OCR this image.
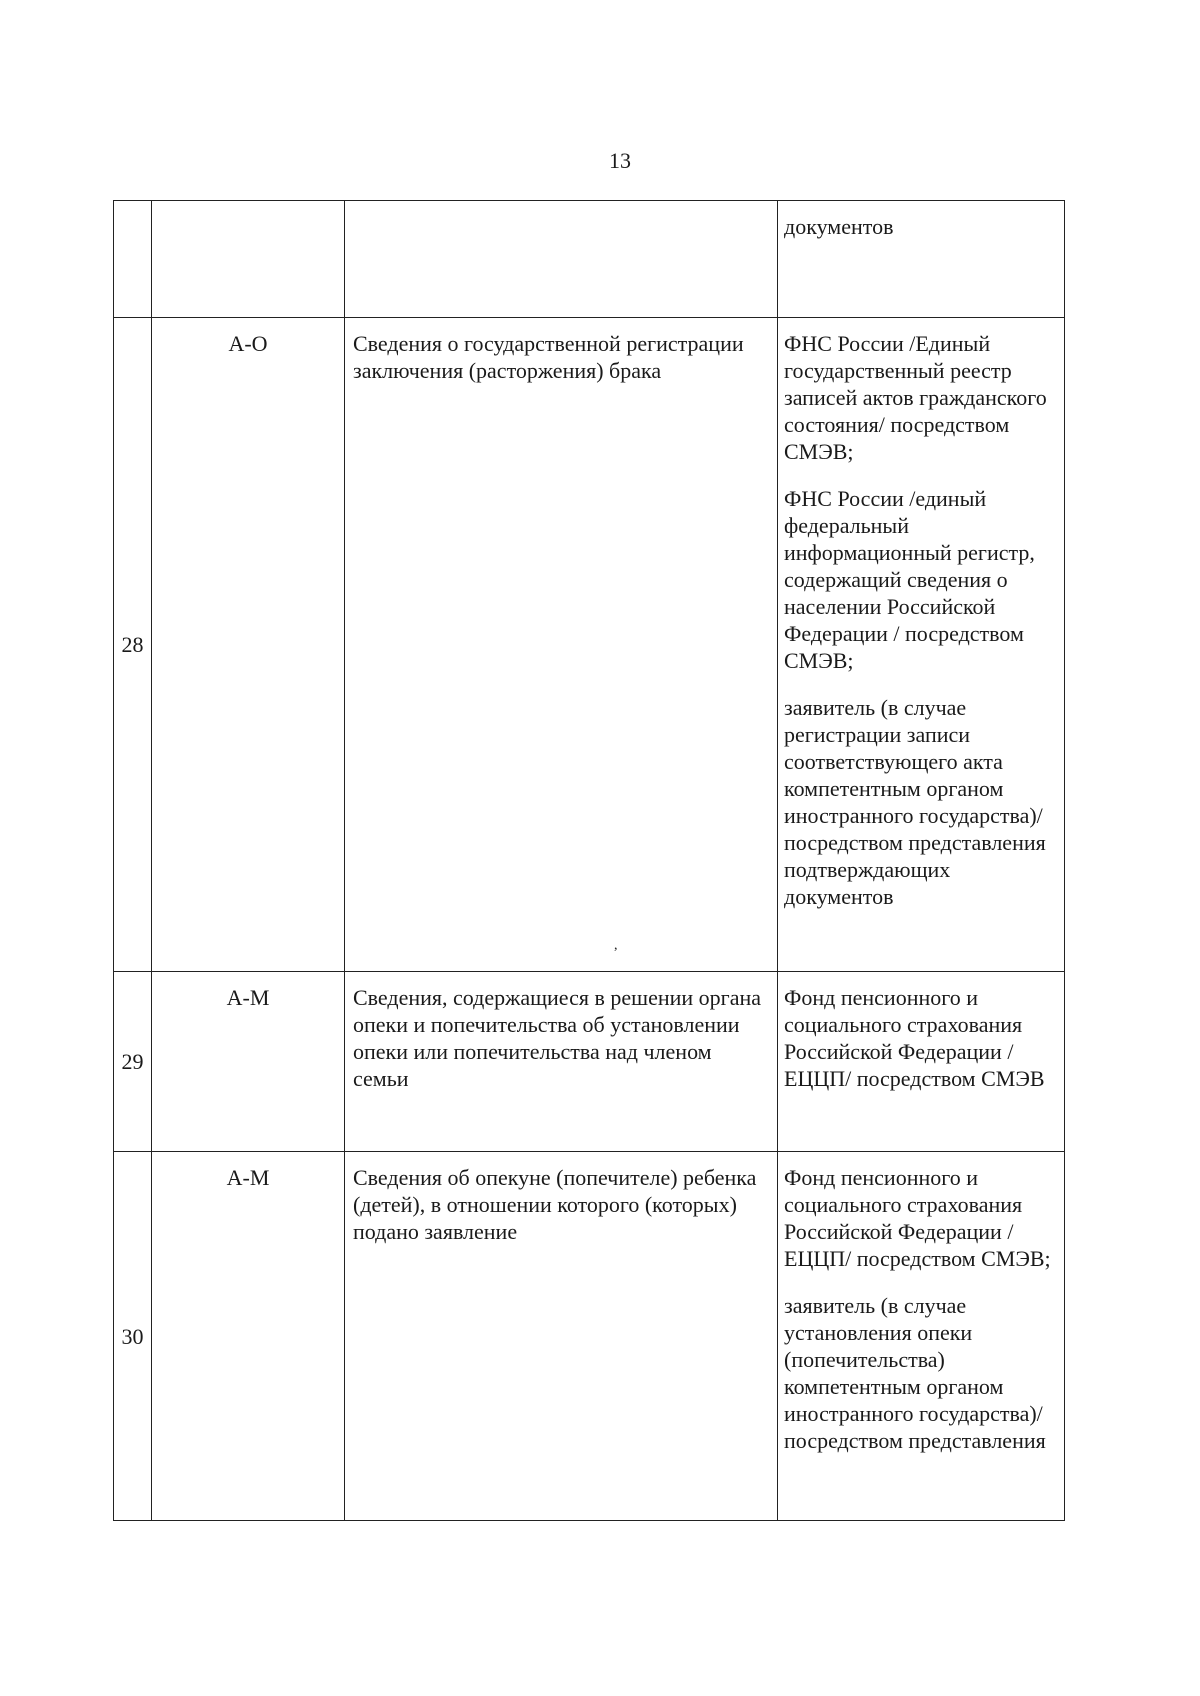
13

			документов

28	А-О	Сведения о государственной регистрации заключения (расторжения) брака	ФНС России /Единый государственный реестр записей актов гражданского состояния/ посредством СМЭВ;

ФНС России /единый федеральный информационный регистр, содержащий сведения о населении Российской Федерации / посредством СМЭВ;

заявитель (в случае регистрации записи соответствующего акта компетентным органом иностранного государства)/посредством представления подтверждающих документов

29	А-М	Сведения, содержащиеся в решении органа опеки и попечительства об установлении опеки или попечительства над членом семьи	Фонд пенсионного и социального страхования Российской Федерации / ЕЦЦП/ посредством СМЭВ

30	А-М	Сведения об опекуне (попечителе) ребенка (детей), в отношении которого (которых) подано заявление	Фонд пенсионного и социального страхования Российской Федерации / ЕЦЦП/ посредством СМЭВ;

заявитель (в случае установления опеки (попечительства) компетентным органом иностранного государства)/посредством представления

,
